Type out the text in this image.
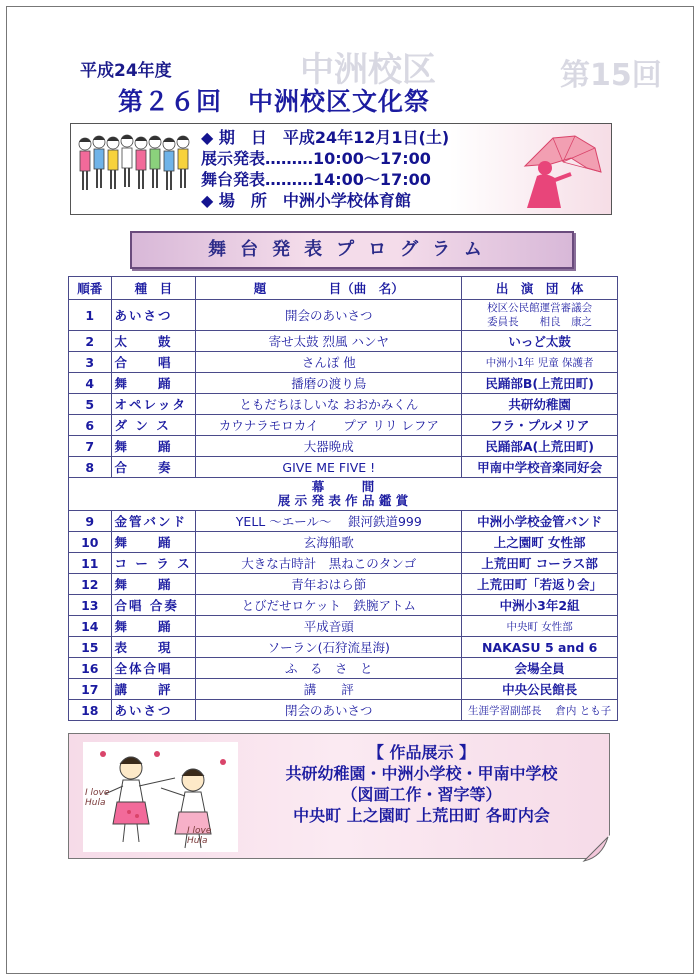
中洲校区	第15回
平成24年度
第２６回　中洲校区文化祭
◆ 期　日　平成24年12月1日(土)
展示発表………10:00～17:00
舞台発表………14:00～17:00
◆ 場　所　中洲小学校体育館
舞台発表プログラム
順番	種　目	題　　　　　目（曲　名）	出　演　団　体
1	あいさつ	開会のあいさつ	校区公民館運営審議会
委員長　　相良　康之
2	太　　鼓	寄せ太鼓 烈風 ハンヤ	いっど太鼓
3	合　　唱	さんぽ 他	中洲小1年 児童 保護者
4	舞　　踊	播磨の渡り鳥	民踊部B(上荒田町)
5	オペレッタ	ともだちほしいな おおかみくん	共研幼稚園
6	ダ ン ス	カウナラモロカイ　　プア リリ レフア	フラ・プルメリア
7	舞　　踊	大器晩成	民踊部A(上荒田町)
8	合　　奏	GIVE ME FIVE !	甲南中学校音楽同好会

幕　　　間
展 示 発 表 作 品 鑑 賞			

9	金管バンド	YELL ～エール～　 銀河鉄道999	中洲小学校金管バンド
10	舞　　踊	玄海船歌	上之園町 女性部
11	コ ー ラ ス	大きな古時計　黒ねこのタンゴ	上荒田町 コーラス部
12	舞　　踊	青年おはら節	上荒田町「若返り会」
13	合唱 合奏	とびだせロケット　鉄腕アトム	中洲小3年2組
14	舞　　踊	平成音頭	中央町 女性部
15	表　　現	ソーラン(石狩流星海)	NAKASU 5 and 6
16	全体合唱	ふ　る　さ　と	会場全員
17	講　　評	講　　評	中央公民館長
18	あいさつ	閉会のあいさつ	生涯学習副部長　 倉内 とも子
I love Hula
I love Hula
【 作品展示 】
共研幼稚園・中洲小学校・甲南中学校
（図画工作・習字等）
中央町 上之園町 上荒田町 各町内会
